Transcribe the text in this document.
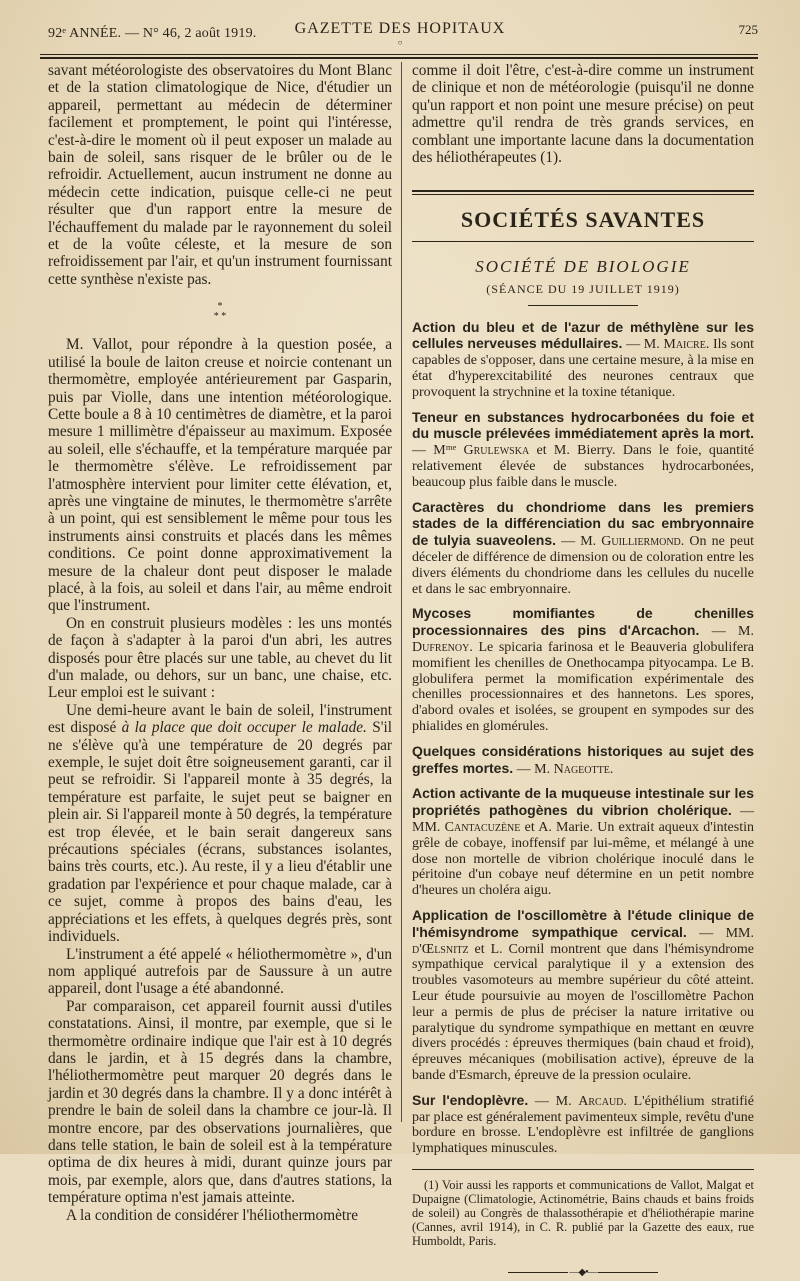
92ᵉ ANNÉE. — N° 46, 2 août 1919.	GAZETTE DES HOPITAUX
○
725

savant météorologiste des observatoires du Mont Blanc et de la station climatologique de Nice, d'étudier un appareil, permettant au médecin de déterminer facilement et promptement, le point qui l'intéresse, c'est-à-dire le moment où il peut exposer un malade au bain de soleil, sans risquer de le brûler ou de le refroidir. Actuellement, aucun instrument ne donne au médecin cette indication, puisque celle-ci ne peut résulter que d'un rapport entre la mesure de l'échauffement du malade par le rayonnement du soleil et de la voûte céleste, et la mesure de son refroidissement par l'air, et qu'un instrument fournissant cette synthèse n'existe pas.

*
* *

M. Vallot, pour répondre à la question posée, a utilisé la boule de laiton creuse et noircie contenant un thermomètre, employée antérieurement par Gasparin, puis par Violle, dans une intention météorologique. Cette boule a 8 à 10 centimètres de diamètre, et la paroi mesure 1 millimètre d'épaisseur au maximum. Exposée au soleil, elle s'échauffe, et la température marquée par le thermomètre s'élève. Le refroidissement par l'atmosphère intervient pour limiter cette élévation, et, après une vingtaine de minutes, le thermomètre s'arrête à un point, qui est sensiblement le même pour tous les instruments ainsi construits et placés dans les mêmes conditions. Ce point donne approximativement la mesure de la chaleur dont peut disposer le malade placé, à la fois, au soleil et dans l'air, au même endroit que l'instrument.

On en construit plusieurs modèles : les uns montés de façon à s'adapter à la paroi d'un abri, les autres disposés pour être placés sur une table, au chevet du lit d'un malade, ou dehors, sur un banc, une chaise, etc. Leur emploi est le suivant :

Une demi-heure avant le bain de soleil, l'instrument est disposé à la place que doit occuper le malade. S'il ne s'élève qu'à une température de 20 degrés par exemple, le sujet doit être soigneusement garanti, car il peut se refroidir. Si l'appareil monte à 35 degrés, la température est parfaite, le sujet peut se baigner en plein air. Si l'appareil monte à 50 degrés, la température est trop élevée, et le bain serait dangereux sans précautions spéciales (écrans, substances isolantes, bains très courts, etc.). Au reste, il y a lieu d'établir une gradation par l'expérience et pour chaque malade, car à ce sujet, comme à propos des bains d'eau, les appréciations et les effets, à quelques degrés près, sont individuels.

L'instrument a été appelé « héliothermomètre », d'un nom appliqué autrefois par de Saussure à un autre appareil, dont l'usage a été abandonné.

Par comparaison, cet appareil fournit aussi d'utiles constatations. Ainsi, il montre, par exemple, que si le thermomètre ordinaire indique que l'air est à 10 degrés dans le jardin, et à 15 degrés dans la chambre, l'héliothermomètre peut marquer 20 degrés dans le jardin et 30 degrés dans la chambre. Il y a donc intérêt à prendre le bain de soleil dans la chambre ce jour-là. Il montre encore, par des observations journalières, que dans telle station, le bain de soleil est à la température optima de dix heures à midi, durant quinze jours par mois, par exemple, alors que, dans d'autres stations, la température optima n'est jamais atteinte.

A la condition de considérer l'héliothermomètre

comme il doit l'être, c'est-à-dire comme un instrument de clinique et non de météorologie (puisqu'il ne donne qu'un rapport et non point une mesure précise) on peut admettre qu'il rendra de très grands services, en comblant une importante lacune dans la documentation des héliothérapeutes (1).

SOCIÉTÉS SAVANTES
SOCIÉTÉ DE BIOLOGIE
(SÉANCE DU 19 JUILLET 1919)
Action du bleu et de l'azur de méthylène sur les cellules nerveuses médullaires. — M. Maicre. Ils sont capables de s'opposer, dans une certaine mesure, à la mise en état d'hyperexcitabilité des neurones centraux que provoquent la strychnine et la toxine tétanique.
Teneur en substances hydrocarbonées du foie et du muscle prélevées immédiatement après la mort. — Mᵐᵉ Grulewska et M. Bierry. Dans le foie, quantité relativement élevée de substances hydrocarbonées, beaucoup plus faible dans le muscle.
Caractères du chondriome dans les premiers stades de la différenciation du sac embryonnaire de tulyia suaveolens. — M. Guilliermond. On ne peut déceler de différence de dimension ou de coloration entre les divers éléments du chondriome dans les cellules du nucelle et dans le sac embryonnaire.
Mycoses momifiantes de chenilles processionnaires des pins d'Arcachon. — M. Dufrenoy. Le spicaria farinosa et le Beauveria globulifera momifient les chenilles de Onethocampa pityocampa. Le B. globulifera permet la momification expérimentale des chenilles processionnaires et des hannetons. Les spores, d'abord ovales et isolées, se groupent en sympodes sur des phialides en glomérules.
Quelques considérations historiques au sujet des greffes mortes. — M. Nageotte.
Action activante de la muqueuse intestinale sur les propriétés pathogènes du vibrion cholérique. — MM. Cantacuzène et A. Marie. Un extrait aqueux d'intestin grêle de cobaye, inoffensif par lui-même, et mélangé à une dose non mortelle de vibrion cholérique inoculé dans le péritoine d'un cobaye neuf détermine en un petit nombre d'heures un choléra aigu.
Application de l'oscillomètre à l'étude clinique de l'hémisyndrome sympathique cervical. — MM. d'Œlsnitz et L. Cornil montrent que dans l'hémisyndrome sympathique cervical paralytique il y a extension des troubles vasomoteurs au membre supérieur du côté atteint. Leur étude poursuivie au moyen de l'oscillomètre Pachon leur a permis de plus de préciser la nature irritative ou paralytique du syndrome sympathique en mettant en œuvre divers procédés : épreuves thermiques (bain chaud et froid), épreuves mécaniques (mobilisation active), épreuve de la bande d'Esmarch, épreuve de la pression oculaire.
Sur l'endoplèvre. — M. Arcaud. L'épithélium stratifié par place est généralement pavimenteux simple, revêtu d'une bordure en brosse. L'endoplèvre est infiltrée de ganglions lymphatiques minuscules.
(1) Voir aussi les rapports et communications de Vallot, Malgat et Dupaigne (Climatologie, Actinométrie, Bains chauds et bains froids de soleil) au Congrès de thalassothérapie et d'héliothérapie marine (Cannes, avril 1914), in C. R. publié par la Gazette des eaux, rue Humboldt, Paris.
—◆•—
